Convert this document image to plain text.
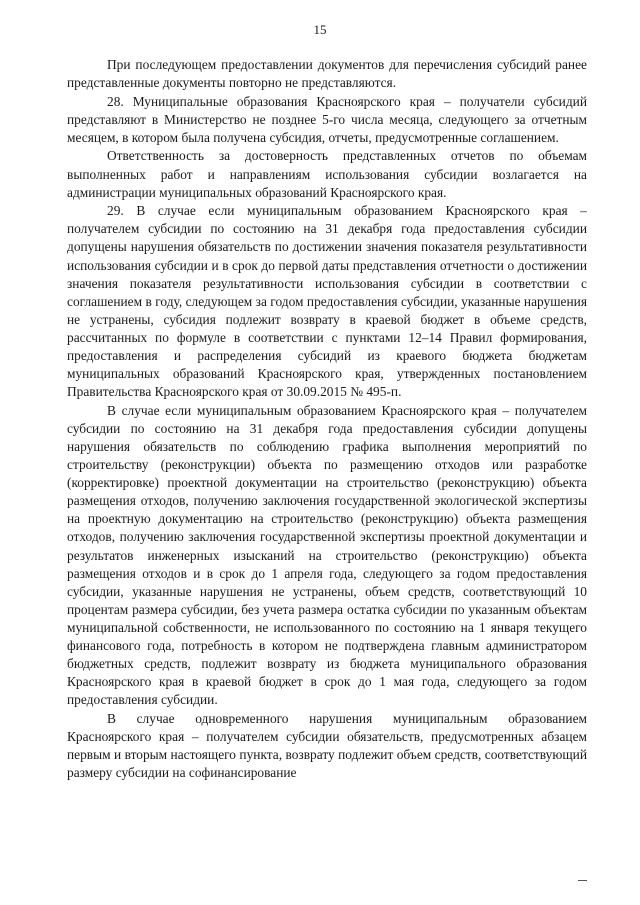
15

При последующем предоставлении документов для перечисления субсидий ранее представленные документы повторно не представляются.

28. Муниципальные образования Красноярского края – получатели субсидий представляют в Министерство не позднее 5-го числа месяца, следующего за отчетным месяцем, в котором была получена субсидия, отчеты, предусмотренные соглашением.

Ответственность за достоверность представленных отчетов по объемам выполненных работ и направлениям использования субсидии возлагается на администрации муниципальных образований Красноярского края.

29. В случае если муниципальным образованием Красноярского края – получателем субсидии по состоянию на 31 декабря года предоставления субсидии допущены нарушения обязательств по достижении значения показателя результативности использования субсидии и в срок до первой даты представления отчетности о достижении значения показателя результативности использования субсидии в соответствии с соглашением в году, следующем за годом предоставления субсидии, указанные нарушения не устранены, субсидия подлежит возврату в краевой бюджет в объеме средств, рассчитанных по формуле в соответствии с пунктами 12–14 Правил формирования, предоставления и распределения субсидий из краевого бюджета бюджетам муниципальных образований Красноярского края, утвержденных постановлением Правительства Красноярского края от 30.09.2015 № 495-п.

В случае если муниципальным образованием Красноярского края – получателем субсидии по состоянию на 31 декабря года предоставления субсидии допущены нарушения обязательств по соблюдению графика выполнения мероприятий по строительству (реконструкции) объекта по размещению отходов или разработке (корректировке) проектной документации на строительство (реконструкцию) объекта размещения отходов, получению заключения государственной экологической экспертизы на проектную документацию на строительство (реконструкцию) объекта размещения отходов, получению заключения государственной экспертизы проектной документации и результатов инженерных изысканий на строительство (реконструкцию) объекта размещения отходов и в срок до 1 апреля года, следующего за годом предоставления субсидии, указанные нарушения не устранены, объем средств, соответствующий 10 процентам размера субсидии, без учета размера остатка субсидии по указанным объектам муниципальной собственности, не использованного по состоянию на 1 января текущего финансового года, потребность в котором не подтверждена главным администратором бюджетных средств, подлежит возврату из бюджета муниципального образования Красноярского края в краевой бюджет в срок до 1 мая года, следующего за годом предоставления субсидии.

В случае одновременного нарушения муниципальным образованием Красноярского края – получателем субсидии обязательств, предусмотренных абзацем первым и вторым настоящего пункта, возврату подлежит объем средств, соответствующий размеру субсидии на софинансирование
